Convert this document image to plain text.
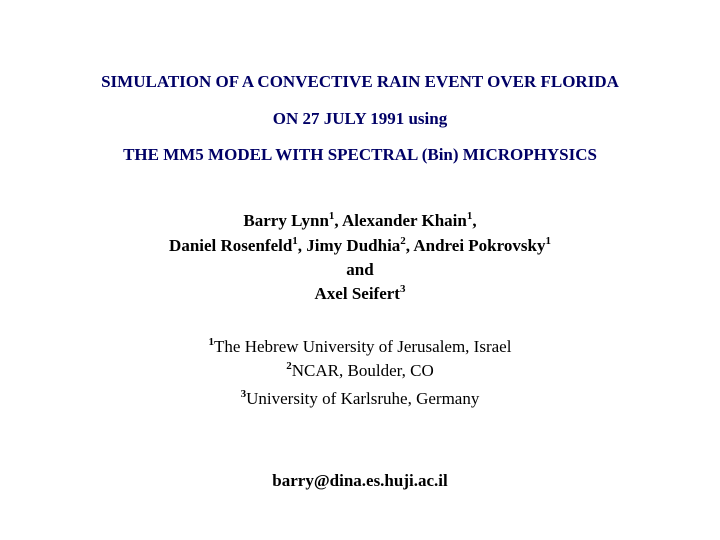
SIMULATION OF A CONVECTIVE RAIN EVENT OVER FLORIDA
ON 27 JULY 1991 using
THE MM5 MODEL WITH SPECTRAL (Bin) MICROPHYSICS
Barry Lynn$^1$, Alexander Khain$^1$,
Daniel Rosenfeld$^1$, Jimy Dudhia$^2$, Andrei Pokrovsky$^1$
and
Axel Seifert$^3$
$^1$The Hebrew University of Jerusalem, Israel
$^2$NCAR, Boulder, CO
$^3$University of Karlsruhe, Germany
barry@dina.es.huji.ac.il
